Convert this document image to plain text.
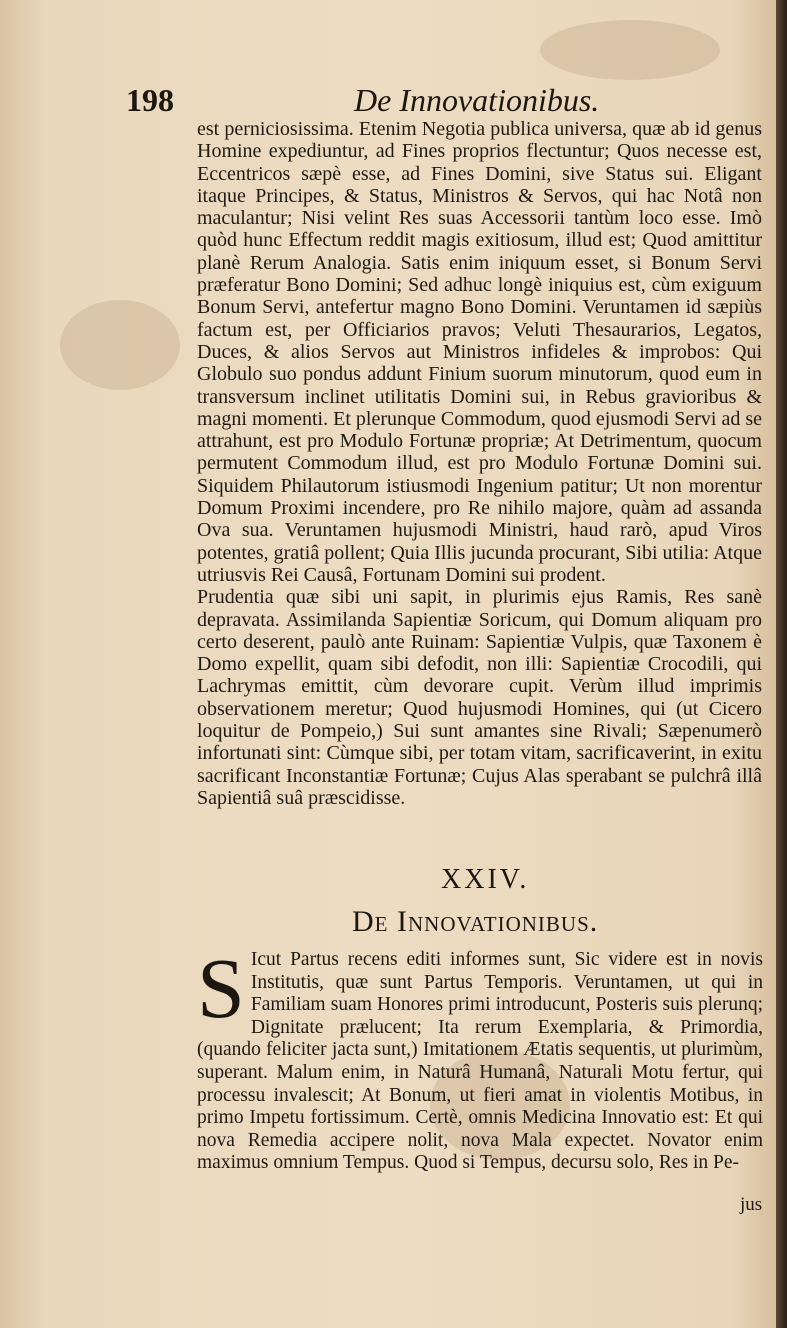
198	De Innovationibus.

est perniciosissima. Etenim Negotia publica universa, quæ ab id genus Homine expediuntur, ad Fines proprios flectuntur; Quos necesse est, Eccentricos sæpè esse, ad Fines Domini, sive Status sui. Eligant itaque Principes, & Status, Ministros & Servos, qui hac Notâ non maculantur; Nisi velint Res suas Accessorii tantùm loco esse. Imò quòd hunc Effectum reddit magis exitiosum, illud est; Quod amittitur planè Rerum Analogia. Satis enim iniquum esset, si Bonum Servi præferatur Bono Domini; Sed adhuc longè iniquius est, cùm exiguum Bonum Servi, antefertur magno Bono Domini. Veruntamen id sæpiùs factum est, per Officiarios pravos; Veluti Thesaurarios, Legatos, Duces, & alios Servos aut Ministros infideles & improbos: Qui Globulo suo pondus addunt Finium suorum minutorum, quod eum in transversum inclinet utilitatis Domini sui, in Rebus gravioribus & magni momenti. Et plerunque Commodum, quod ejusmodi Servi ad se attrahunt, est pro Modulo Fortunæ propriæ; At Detrimentum, quocum permutent Commodum illud, est pro Modulo Fortunæ Domini sui. Siquidem Philautorum istiusmodi Ingenium patitur; Ut non morentur Domum Proximi incendere, pro Re nihilo majore, quàm ad assanda Ova sua. Veruntamen hujusmodi Ministri, haud rarò, apud Viros potentes, gratiâ pollent; Quia Illis jucunda procurant, Sibi utilia: Atque utriusvis Rei Causâ, Fortunam Domini sui prodent.

Prudentia quæ sibi uni sapit, in plurimis ejus Ramis, Res sanè depravata. Assimilanda Sapientiæ Soricum, qui Domum aliquam pro certo deserent, paulò ante Ruinam: Sapientiæ Vulpis, quæ Taxonem è Domo expellit, quam sibi defodit, non illi: Sapientiæ Crocodili, qui Lachrymas emittit, cùm devorare cupit. Verùm illud imprimis observationem meretur; Quod hujusmodi Homines, qui (ut Cicero loquitur de Pompeio,) Sui sunt amantes sine Rivali; Sæpenumerò infortunati sint: Cùmque sibi, per totam vitam, sacrificaverint, in exitu sacrificant Inconstantiæ Fortunæ; Cujus Alas sperabant se pulchrâ illâ Sapientiâ suâ præscidisse.

XXIV.
De Innovationibus.
S Icut Partus recens editi informes sunt, Sic videre est in novis Institutis, quæ sunt Partus Temporis. Veruntamen, ut qui in Familiam suam Honores primi introducunt, Posteris suis plerunq; Dignitate prælucent; Ita rerum Exemplaria, & Primordia, (quando feliciter jacta sunt,) Imitationem Ætatis sequentis, ut plurimùm, superant. Malum enim, in Naturâ Humanâ, Naturali Motu fertur, qui processu invalescit; At Bonum, ut fieri amat in violentis Motibus, in primo Impetu fortissimum. Certè, omnis Medicina Innovatio est: Et qui nova Remedia accipere nolit, nova Mala expectet. Novator enim maximus omnium Tempus. Quod si Tempus, decursu solo, Res in Pe-
jus
